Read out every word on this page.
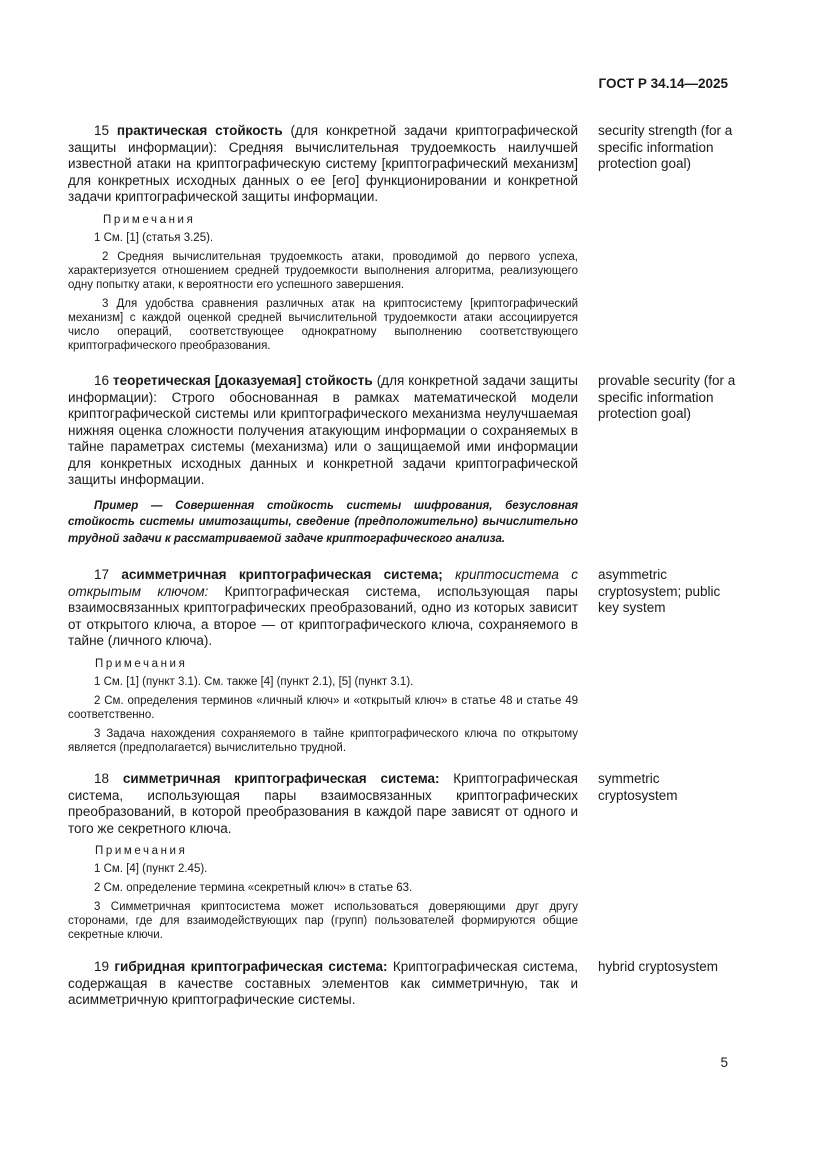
ГОСТ Р 34.14—2025

15 практическая стойкость (для конкретной задачи криптографической защиты информации): Средняя вычислительная трудоемкость наилучшей известной атаки на криптографическую систему [криптографический механизм] для конкретных исходных данных о ее [его] функционировании и конкретной задачи криптографической защиты информации.

Примечания

1 См. [1] (статья 3.25).

2 Средняя вычислительная трудоемкость атаки, проводимой до первого успеха, характеризуется отношением средней трудоемкости выполнения алгоритма, реализующего одну попытку атаки, к вероятности его успешного завершения.

3 Для удобства сравнения различных атак на криптосистему [криптографический механизм] с каждой оценкой средней вычислительной трудоемкости атаки ассоциируется число операций, соответствующее однократному выполнению соответствующего криптографического преобразования.

security strength (for a specific information protection goal)

16 теоретическая [доказуемая] стойкость (для конкретной задачи защиты информации): Строго обоснованная в рамках математической модели криптографической системы или криптографического механизма неулучшаемая нижняя оценка сложности получения атакующим информации о сохраняемых в тайне параметрах системы (механизма) или о защищаемой ими информации для конкретных исходных данных и конкретной задачи криптографической защиты информации.

Пример — Совершенная стойкость системы шифрования, безусловная стойкость системы имитозащиты, сведение (предположительно) вычислительно трудной задачи к рассматриваемой задаче криптографического анализа.

provable security (for a specific information protection goal)

17 асимметричная криптографическая система; криптосистема с открытым ключом: Криптографическая система, использующая пары взаимосвязанных криптографических преобразований, одно из которых зависит от открытого ключа, а второе — от криптографического ключа, сохраняемого в тайне (личного ключа).

Примечания

1 См. [1] (пункт 3.1). См. также [4] (пункт 2.1), [5] (пункт 3.1).

2 См. определения терминов «личный ключ» и «открытый ключ» в статье 48 и статье 49 соответственно.

3 Задача нахождения сохраняемого в тайне криптографического ключа по открытому является (предполагается) вычислительно трудной.

asymmetric cryptosystem; public key system

18 симметричная криптографическая система: Криптографическая система, использующая пары взаимосвязанных криптографических преобразований, в которой преобразования в каждой паре зависят от одного и того же секретного ключа.

Примечания

1 См. [4] (пункт 2.45).

2 См. определение термина «секретный ключ» в статье 63.

3 Симметричная криптосистема может использоваться доверяющими друг другу сторонами, где для взаимодействующих пар (групп) пользователей формируются общие секретные ключи.

symmetric cryptosystem

19 гибридная криптографическая система: Криптографическая система, содержащая в качестве составных элементов как симметричную, так и асимметричную криптографические системы.

hybrid cryptosystem
5
